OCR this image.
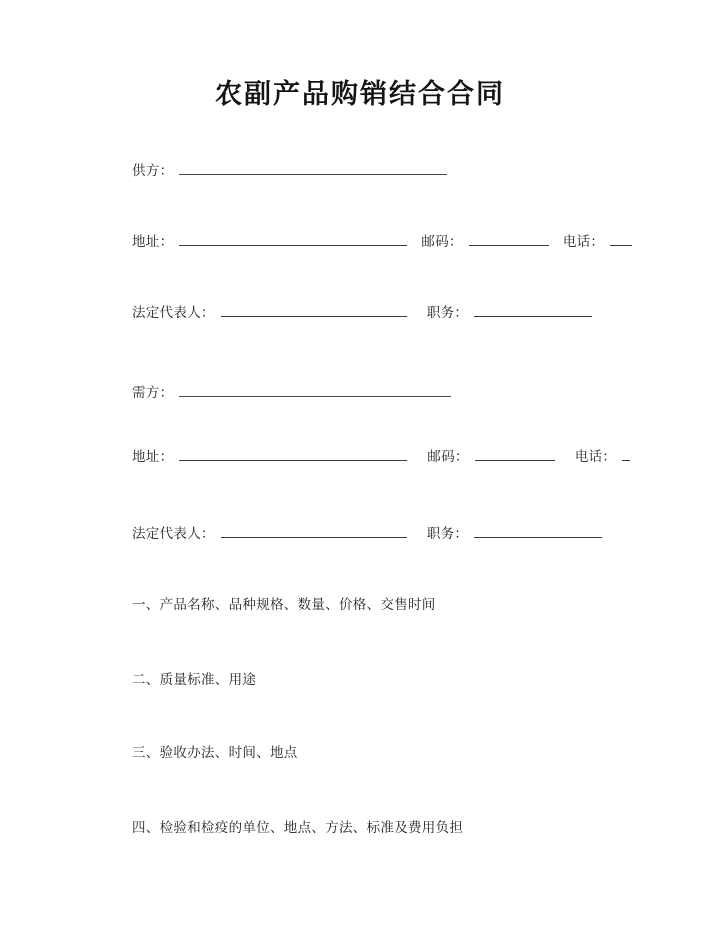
农副产品购销结合合同
供方：
地址：	邮码：	电话：
法定代表人：	职务：
需方：
地址：	邮码：	电话：
法定代表人：	职务：
一、产品名称、品种规格、数量、价格、交售时间
二、质量标准、用途
三、验收办法、时间、地点
四、检验和检疫的单位、地点、方法、标准及费用负担
